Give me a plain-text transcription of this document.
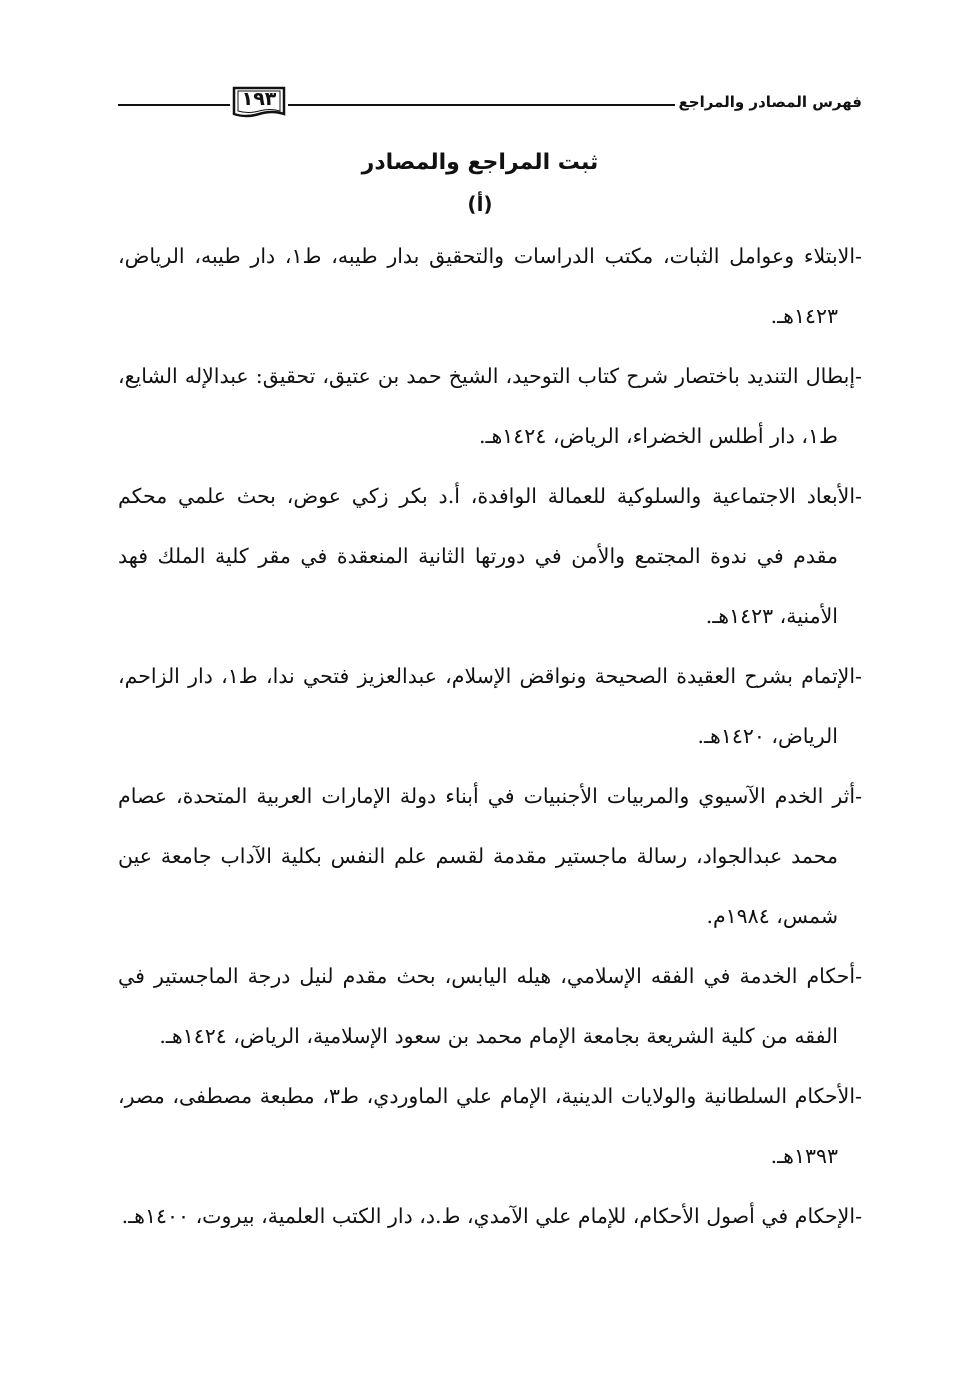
١٩٣	فهرس المصادر والمراجع
ثبت المراجع والمصادر
(أ)

-الابتلاء وعوامل الثبات، مكتب الدراسات والتحقيق بدار طيبه، ط١، دار طيبه، الرياض، ١٤٢٣هـ.

-إبطال التنديد باختصار شرح كتاب التوحيد، الشيخ حمد بن عتيق، تحقيق: عبدالإله الشايع، ط١، دار أطلس الخضراء، الرياض، ١٤٢٤هـ.

-الأبعاد الاجتماعية والسلوكية للعمالة الوافدة، أ.د بكر زكي عوض، بحث علمي محكم مقدم في ندوة المجتمع والأمن في دورتها الثانية المنعقدة في مقر كلية الملك فهد الأمنية، ١٤٢٣هـ.

-الإتمام بشرح العقيدة الصحيحة ونواقض الإسلام، عبدالعزيز فتحي ندا، ط١، دار الزاحم، الرياض، ١٤٢٠هـ.

-أثر الخدم الآسيوي والمربيات الأجنبيات في أبناء دولة الإمارات العربية المتحدة، عصام محمد عبدالجواد، رسالة ماجستير مقدمة لقسم علم النفس بكلية الآداب جامعة عين شمس، ١٩٨٤م.

-أحكام الخدمة في الفقه الإسلامي، هيله اليابس، بحث مقدم لنيل درجة الماجستير في الفقه من كلية الشريعة بجامعة الإمام محمد بن سعود الإسلامية، الرياض، ١٤٢٤هـ.

-الأحكام السلطانية والولايات الدينية، الإمام علي الماوردي، ط٣، مطبعة مصطفى، مصر، ١٣٩٣هـ.

-الإحكام في أصول الأحكام، للإمام علي الآمدي، ط.د، دار الكتب العلمية، بيروت، ١٤٠٠هـ.
